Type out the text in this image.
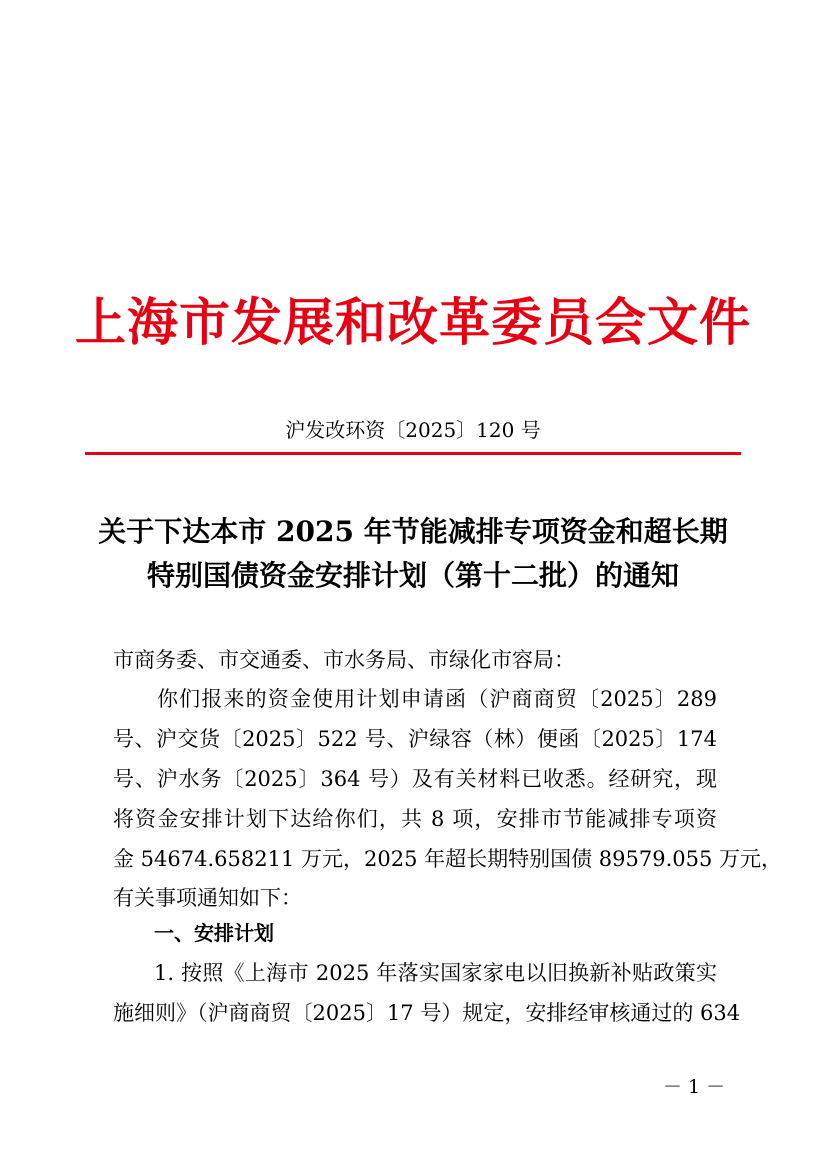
上海市发展和改革委员会文件
沪发改环资〔2025〕120 号
关于下达本市 2025 年节能减排专项资金和超长期
特别国债资金安排计划（第十二批）的通知
市商务委、市交通委、市水务局、市绿化市容局：
你们报来的资金使用计划申请函（沪商商贸〔2025〕289
号、沪交货〔2025〕522 号、沪绿容（林）便函〔2025〕174
号、沪水务〔2025〕364 号）及有关材料已收悉。经研究，现
将资金安排计划下达给你们，共 8 项，安排市节能减排专项资
金 54674.658211 万元，2025 年超长期特别国债 89579.055 万元，
有关事项通知如下：
一、安排计划
1. 按照《上海市 2025 年落实国家家电以旧换新补贴政策实
施细则》（沪商商贸〔2025〕17 号）规定，安排经审核通过的 634
－ 1 －
